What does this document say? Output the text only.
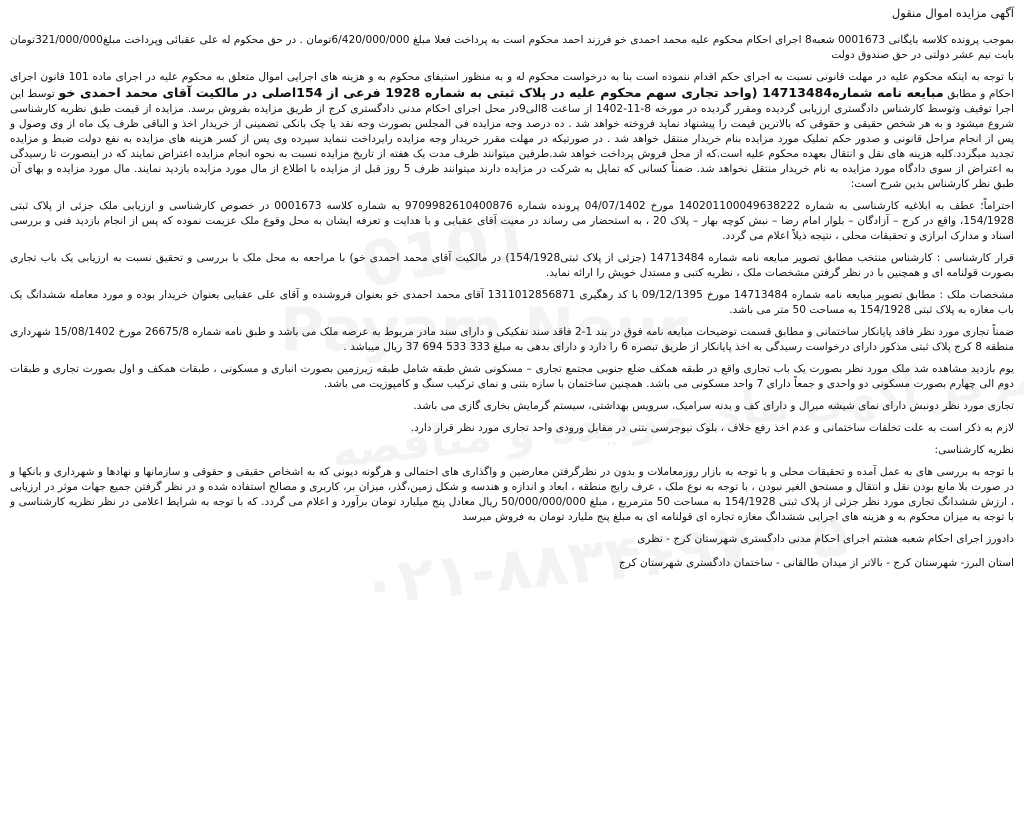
آگهی مزایده اموال منقول

بموجب پرونده کلاسه بایگانی 0001673 شعبه8 اجرای احکام محکوم علیه محمد احمدی خو فرزند احمد محکوم است به پرداخت فعلا مبلغ 6/420/000/000تومان . در حق محکوم له علی عقبائی وپرداخت مبلغ321/000/000تومان بابت نیم عشر دولتی در حق صندوق دولت

با توجه به اینکه محکوم علیه در مهلت قانونی نسبت به اجرای حکم اقدام ننموده است بنا به درخواست محکوم له و به منظور استیفای محکوم به و هزینه های اجرایی اموال متعلق به محکوم علیه در اجرای ماده 101 قانون اجرای احکام و مطابق مبایعه نامه شماره14713484 (واحد تجاری سهم محکوم علیه در پلاک ثبتی به شماره 1928 فرعی از 154اصلی در مالکیت آقای محمد احمدی خو توسط این اجرا توقیف وتوسط کارشناس دادگستری ارزیابی گردیده ومقرر گردیده در مورخه 8-11-1402 از ساعت 8الی9در محل اجرای احکام مدنی دادگستری کرج از طریق مزایده بفروش برسد. مزایده از قیمت طبق نظریه کارشناسی شروع میشود و به هر شخص حقیقی و حقوقی که بالاترین قیمت را پیشنهاد نماید فروخته خواهد شد . ده درصد وجه مزایده فی المجلس بصورت وجه نقد یا چک بانکی تضمینی از خریدار اخذ و الباقی ظرف یک ماه از وی وصول و پس از انجام مراحل قانونی و صدور حکم تملیک مورد مزایده بنام خریدار منتقل خواهد شد . در صورتیکه در مهلت مقرر خریدار وجه مزایده رایرداخت ننماید سپرده وی پس از کسر هزینه های مزایده به نفع دولت ضبط و مزایده تجدید میگردد.کلیه هزینه های نقل و انتقال بعهده محکوم علیه است.که از محل فروش پرداخت خواهد شد.طرفین میتوانند ظرف مدت یک هفته از تاریخ مزایده نسبت به نحوه انجام مزایده اعتراض نمایند که در اینصورت تا رسیدگی به اعتراض از سوی دادگاه مورد مزایده به نام خریدار منتقل نخواهد شد. ضمناً کسانی که تمایل به شرکت در مزایده دارند میتوانند ظرف 5 روز قبل از مزایده با اطلاع از مال مورد مزایده بازدید نمایند. مال مورد مزایده و بهای آن طبق نظر کارشناس بدین شرح است:

احتراماً؛ عطف به ابلاغیه کارشناسی به شماره 140201100049638222 مورخ 04/07/1402 پرونده شماره 9709982610400876 به شماره کلاسه 0001673 در خصوص کارشناسی و ارزیابی ملک جزئی از پلاک ثبتی 154/1928، واقع در کرج – آزادگان – بلوار امام رضا – نبش کوچه بهار – پلاک 20 ، به استحضار می رساند در معیت آقای عقبایی و با هدایت و تعرفه ایشان به محل وقوع ملک عزیمت نموده که پس از انجام بازدید فنی و بررسی اسناد و مدارک ابرازی و تحقیقات محلی ، نتیجه ذیلاً اعلام می گردد.

قرار کارشناسی : کارشناس منتخب مطابق تصویر مبایعه نامه شماره 14713484 (جزئی از پلاک ثبتی154/1928) در مالکیت آقای محمد احمدی خو) با مراجعه به محل ملک با بررسی و تحقیق نسبت به ارزیابی یک باب تجاری بصورت قولنامه ای و همچنین با در نظر گرفتن مشخصات ملک ، نظریه کتبی و مستدل خویش را ارائه نماید.

مشخصات ملک : مطابق تصویر مبایعه نامه شماره 14713484 مورخ 09/12/1395 با کد رهگیری 1311012856871 آقای محمد احمدی خو بعنوان فروشنده و آقای علی عقبایی بعنوان خریدار بوده و مورد معامله ششدانگ یک باب مغازه به پلاک ثبتی 154/1928 به مساحت 50 متر می باشد.

ضمناً تجاری مورد نظر فاقد پایانکار ساختمانی و مطابق قسمت توضیحات مبایعه نامه فوق در بند 1-2 فاقد سند تفکیکی و دارای سند مادر مربوط به عرصه ملک می باشد و طبق نامه شماره 26675/8 مورخ 15/08/1402 شهرداری منطقه 8 کرج پلاک ثبتی مذکور دارای درخواست رسیدگی به اخذ پایانکار از طریق تبصره 6 را دارد و دارای بدهی به مبلغ 333 533 694 37 ریال میباشد .

یوم بازدید مشاهده شد ملک مورد نظر بصورت یک باب تجاری واقع در طبقه همکف ضلع جنوبی مجتمع تجاری – مسکونی شش طبقه شامل طبقه زیرزمین بصورت انباری و مسکونی ، طبقات همکف و اول بصورت تجاری و طبقات دوم الی چهارم بصورت مسکونی دو واحدی و جمعاً دارای 7 واحد مسکونی می باشد. همچنین ساختمان با سازه بتنی و نمای ترکیب سنگ و کامپوزیت می باشد.

تجاری مورد نظر دونبش دارای نمای شیشه میرال و دارای کف و بدنه سرامیک، سرویس بهداشتی، سیستم گرمایش بخاری گازی می باشد.

لازم به ذکر است به علت تخلفات ساختمانی و عدم اخذ رفع خلاف ، بلوک نیوجرسی بتنی در مقابل ورودی واحد تجاری مورد نظر قرار دارد.

نظریه کارشناسی:

با توجه به بررسی های به عمل آمده و تحقیقات محلی و با توجه به بازار روزمعاملات و بدون در نظرگرفتن معارضین و واگذاری های احتمالی و هرگونه دیونی که به اشخاص حقیقی و حقوقی و سازمانها و نهادها و شهرداری و بانکها و در صورت بلا مانع بودن نقل و انتقال و مستحق الغیر نبودن ، با توجه به نوع ملک ، عرف رایج منطقه ، ابعاد و اندازه و هندسه و شکل زمین،گذر، میزان بر، کاربری و مصالح استفاده شده و در نظر گرفتن جمیع جهات موثر در ارزیابی ، ارزش ششدانگ تجاری مورد نظر جزئی از پلاک ثبتی 154/1928 به مساحت 50 مترمربع ، مبلغ 50/000/000/000 ریال معادل پنج میلیارد تومان برآورد و اعلام می گردد. که با توجه به شرایط اعلامی در نظر نظریه کارشناسی و با توجه به میزان محکوم به و هزینه های اجرایی ششدانگ مغازه تجاره ای قولنامه ای به مبلغ پنج ملیارد تومان به فروش میرسد

دادورز اجرای احکام شعبه هشتم اجرای احکام مدنی دادگستری شهرستان کرج - نظری

استان البرز- شهرستان کرج - بالاتر از میدان طالقانی - ساختمان دادگستری شهرستان کرج
